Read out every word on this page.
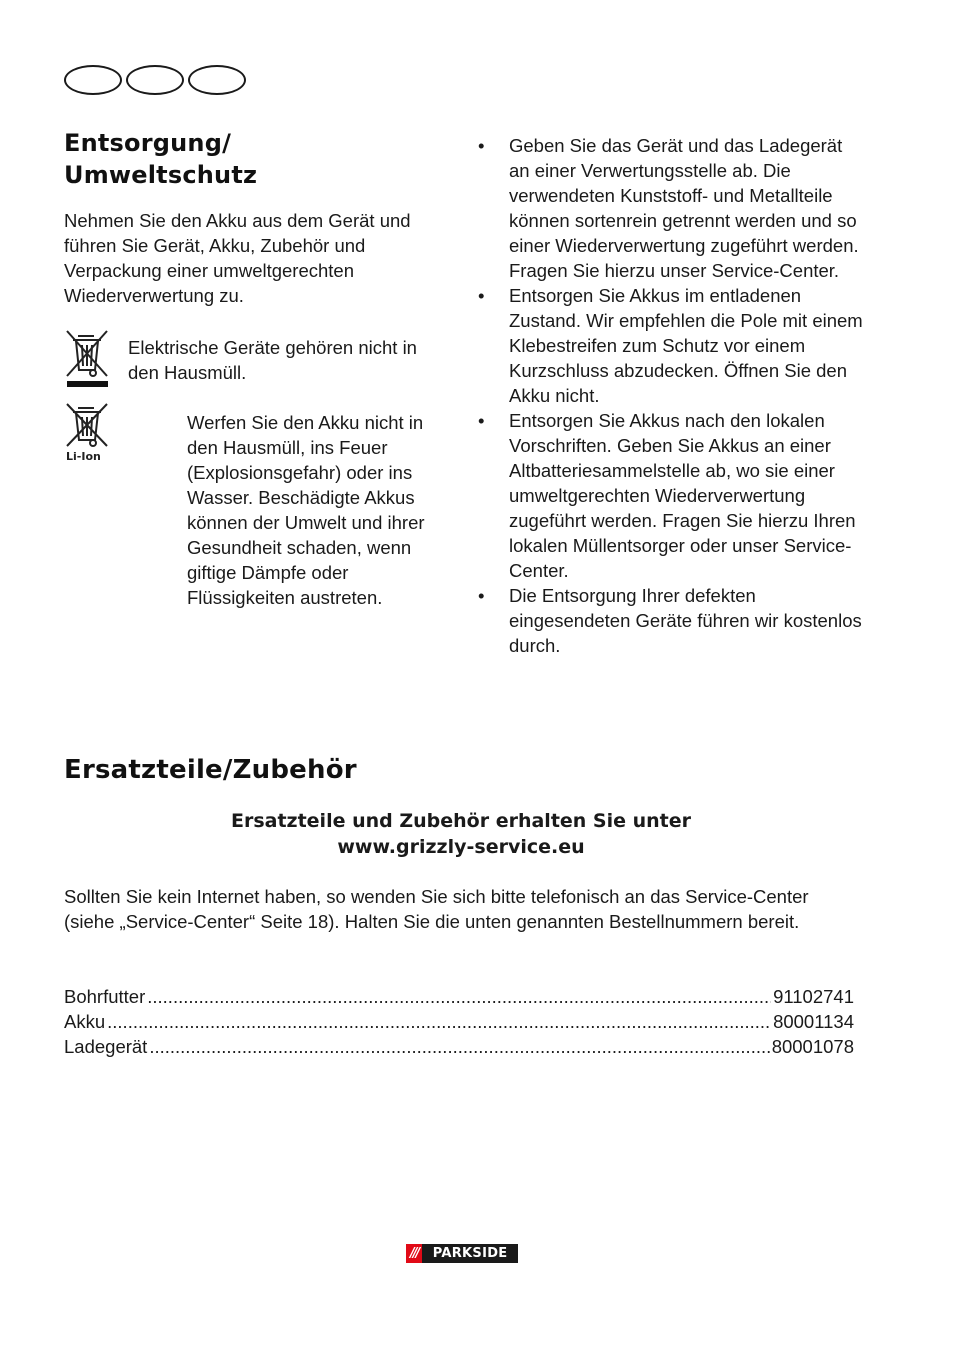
Entsorgung/
Umweltschutz

Nehmen Sie den Akku aus dem Gerät und führen Sie Gerät, Akku, Zubehör und Verpackung einer umweltgerechten Wiederverwertung zu.

Elektrische Geräte gehören nicht in den Hausmüll.

Li-Ion

Werfen Sie den Akku nicht in den Hausmüll, ins Feuer (Explosionsgefahr) oder ins Wasser. Beschädigte Akkus können der Umwelt und ihrer Gesundheit schaden, wenn giftige Dämpfe oder Flüssigkeiten austreten.

• Geben Sie das Gerät und das Ladegerät an einer Verwertungsstelle ab. Die verwendeten Kunststoff- und Metallteile können sortenrein getrennt werden und so einer Wiederverwertung zugeführt werden. Fragen Sie hierzu unser Service-Center.
• Entsorgen Sie Akkus im entladenen Zustand. Wir empfehlen die Pole mit einem Klebestreifen zum Schutz vor einem Kurzschluss abzudecken. Öffnen Sie den Akku nicht.
• Entsorgen Sie Akkus nach den lokalen Vorschriften. Geben Sie Akkus an einer Altbatteriesammelstelle ab, wo sie einer umweltgerechten Wiederverwertung zugeführt werden. Fragen Sie hierzu Ihren lokalen Müllentsorger oder unser Service-Center.
• Die Entsorgung Ihrer defekten eingesendeten Geräte führen wir kostenlos durch.
Ersatzteile/Zubehör
Ersatzteile und Zubehör erhalten Sie unter
www.grizzly-service.eu

Sollten Sie kein Internet haben, so wenden Sie sich bitte telefonisch an das Service-Center (siehe „Service-Center“ Seite 18). Halten Sie die unten genannten Bestellnummern bereit.

Bohrfutter .....	91102741
Akku .....	80001134
Ladegerät .....	80001078
///	PARKSIDE
